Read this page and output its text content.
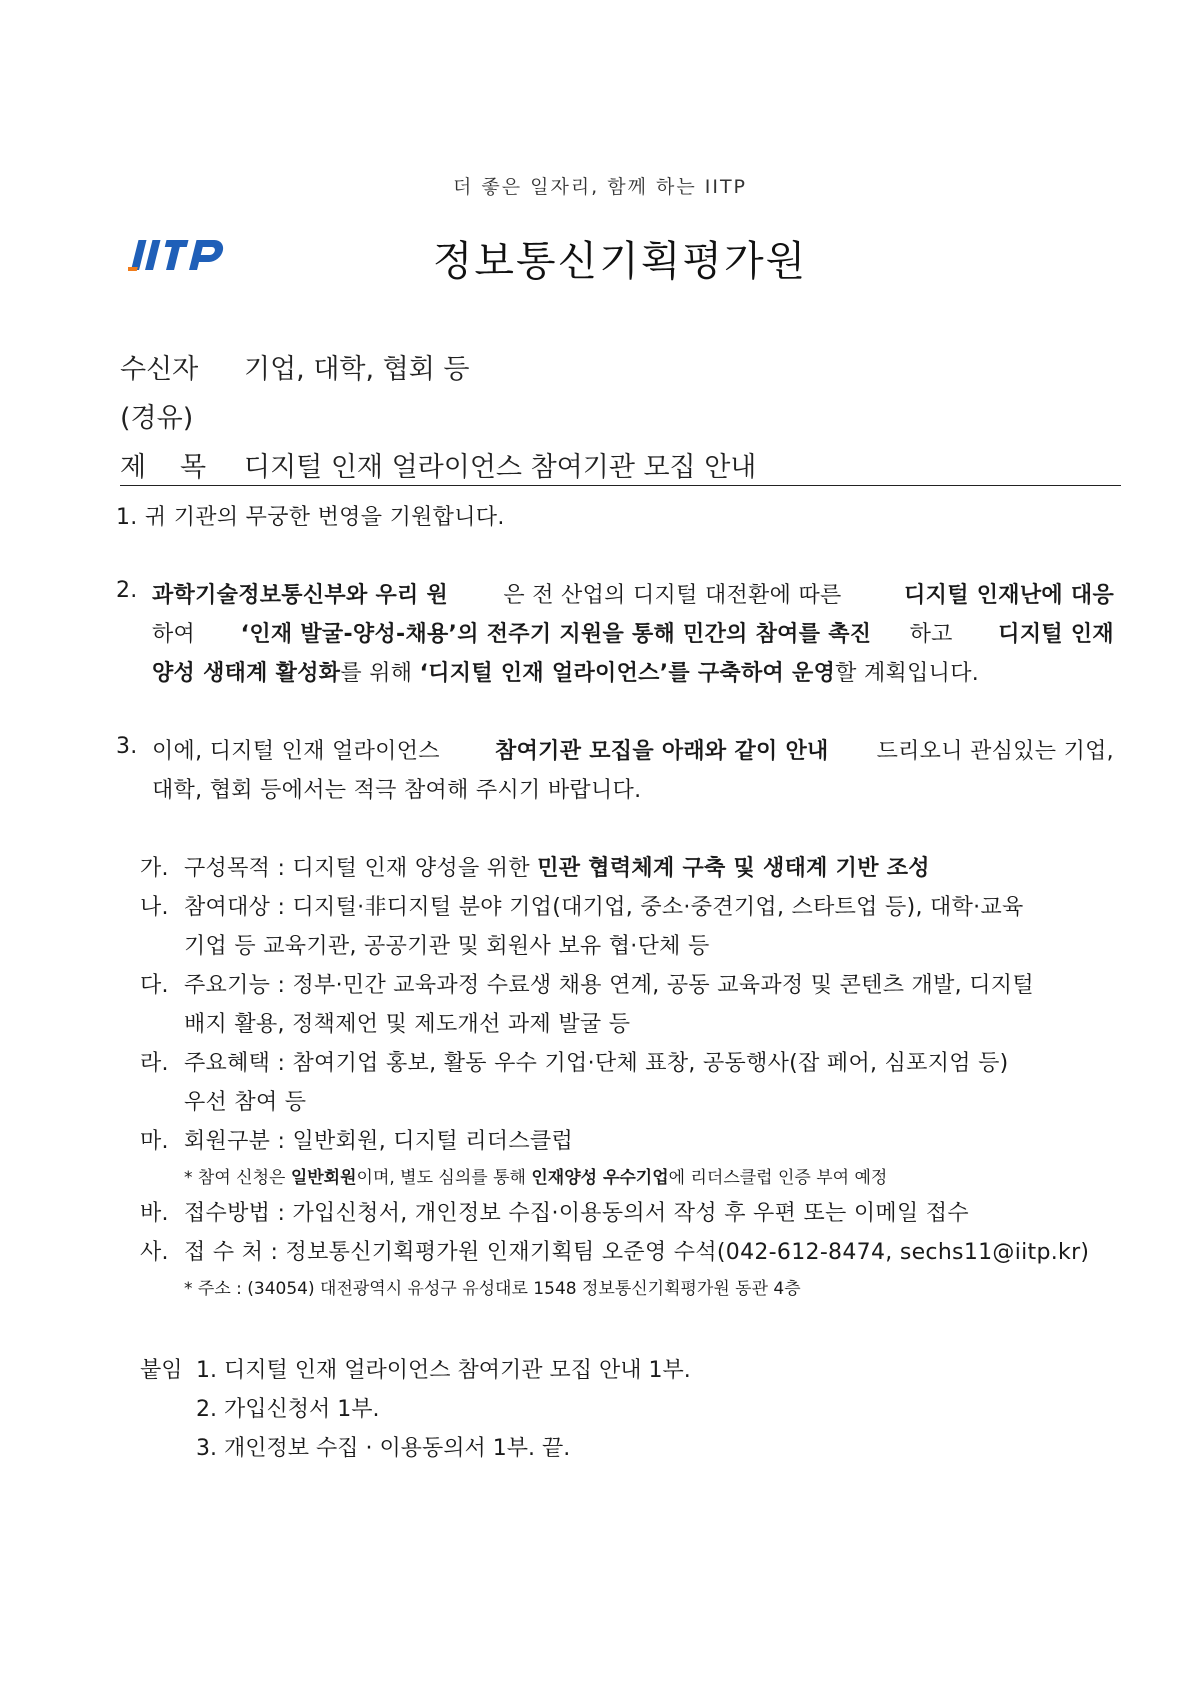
더 좋은 일자리, 함께 하는 IITP
정보통신기획평가원
수신자 기업, 대학, 협회 등
(경유)
제 목 디지털 인재 얼라이언스 참여기관 모집 안내
1. 귀 기관의 무궁한 번영을 기원합니다.
2. 과학기술정보통신부와 우리 원	은 전 산업의 디지털 대전환에 따른	디지털 인재난에 대응
하여 ‘인재 발굴-양성-채용’의 전주기 지원을 통해 민간의 참여를 촉진 하고 디지털 인재
양성 생태계 활성화를 위해 ‘디지털 인재 얼라이언스’를 구축하여 운영할 계획입니다.
3. 이에, 디지털 인재 얼라이언스 참여기관 모집을 아래와 같이 안내 드리오니 관심있는 기업,
대학, 협회 등에서는 적극 참여해 주시기 바랍니다.
가. 구성목적 : 디지털 인재 양성을 위한 민관 협력체계 구축 및 생태계 기반 조성
나. 참여대상 : 디지털·非디지털 분야 기업(대기업, 중소·중견기업, 스타트업 등), 대학·교육
기업 등 교육기관, 공공기관 및 회원사 보유 협·단체 등
다. 주요기능 : 정부·민간 교육과정 수료생 채용 연계, 공동 교육과정 및 콘텐츠 개발, 디지털
배지 활용, 정책제언 및 제도개선 과제 발굴 등
라. 주요혜택 : 참여기업 홍보, 활동 우수 기업·단체 표창, 공동행사(잡 페어, 심포지엄 등)
우선 참여 등
마. 회원구분 : 일반회원, 디지털 리더스클럽
* 참여 신청은 일반회원이며, 별도 심의를 통해 인재양성 우수기업에 리더스클럽 인증 부여 예정
바. 접수방법 : 가입신청서, 개인정보 수집·이용동의서 작성 후 우편 또는 이메일 접수
사. 접 수 처 : 정보통신기획평가원 인재기획팀 오준영 수석(042-612-8474, sechs11@iitp.kr)
* 주소 : (34054) 대전광역시 유성구 유성대로 1548 정보통신기획평가원 동관 4층
붙임 1. 디지털 인재 얼라이언스 참여기관 모집 안내 1부.
2. 가입신청서 1부.
3. 개인정보 수집 · 이용동의서 1부. 끝.
